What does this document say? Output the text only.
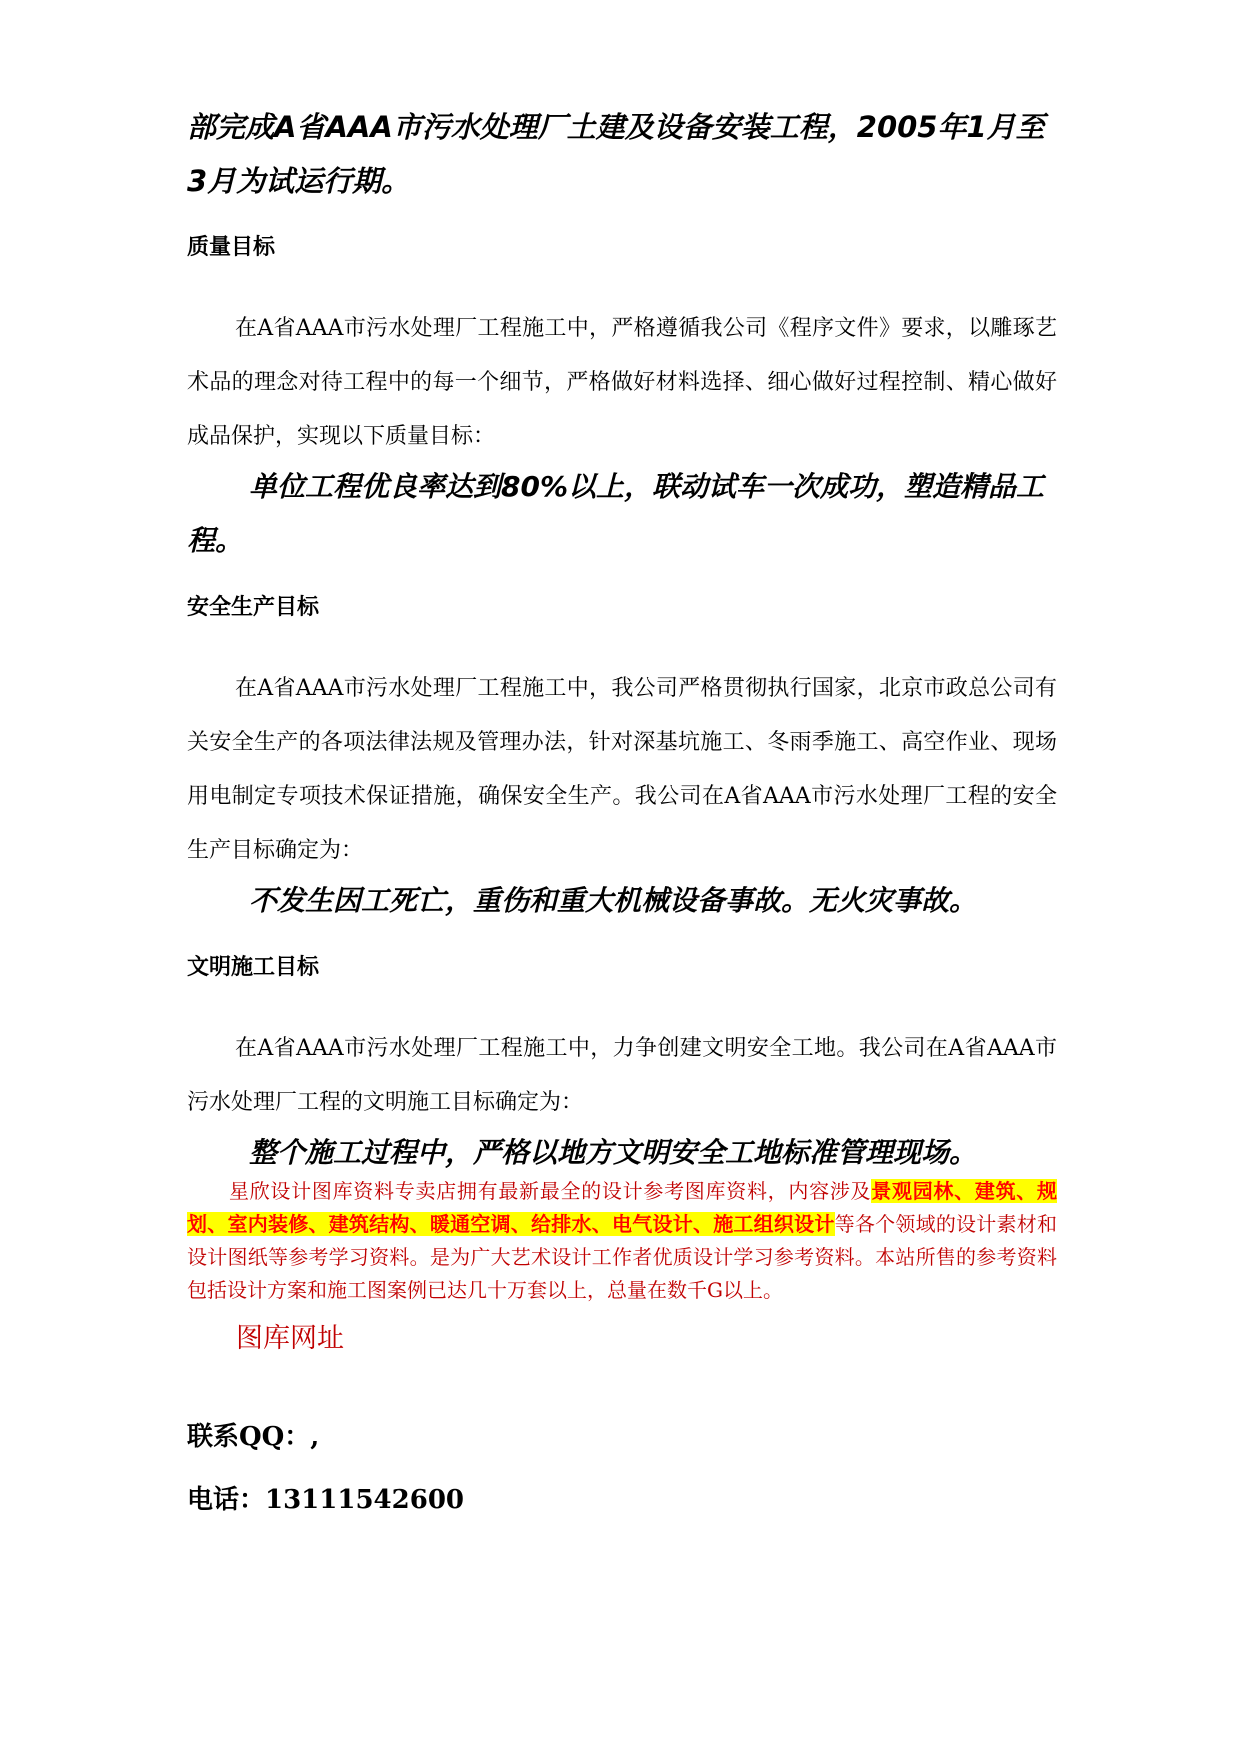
部完成A省AAA市污水处理厂土建及设备安装工程，2005年1月至3月为试运行期。

质量目标

在A省AAA市污水处理厂工程施工中，严格遵循我公司《程序文件》要求，以雕琢艺术品的理念对待工程中的每一个细节，严格做好材料选择、细心做好过程控制、精心做好成品保护，实现以下质量目标：

单位工程优良率达到80%以上，联动试车一次成功，塑造精品工程。

安全生产目标

在A省AAA市污水处理厂工程施工中，我公司严格贯彻执行国家，北京市政总公司有关安全生产的各项法律法规及管理办法，针对深基坑施工、冬雨季施工、高空作业、现场用电制定专项技术保证措施，确保安全生产。我公司在A省AAA市污水处理厂工程的安全生产目标确定为：

不发生因工死亡，重伤和重大机械设备事故。无火灾事故。

文明施工目标

在A省AAA市污水处理厂工程施工中，力争创建文明安全工地。我公司在A省AAA市污水处理厂工程的文明施工目标确定为：

整个施工过程中，严格以地方文明安全工地标准管理现场。

星欣设计图库资料专卖店拥有最新最全的设计参考图库资料，内容涉及景观园林、建筑、规划、室内装修、建筑结构、暖通空调、给排水、电气设计、施工组织设计等各个领域的设计素材和设计图纸等参考学习资料。是为广大艺术设计工作者优质设计学习参考资料。本站所售的参考资料包括设计方案和施工图案例已达几十万套以上，总量在数千G以上。

图库网址

联系QQ：,

电话：13111542600
